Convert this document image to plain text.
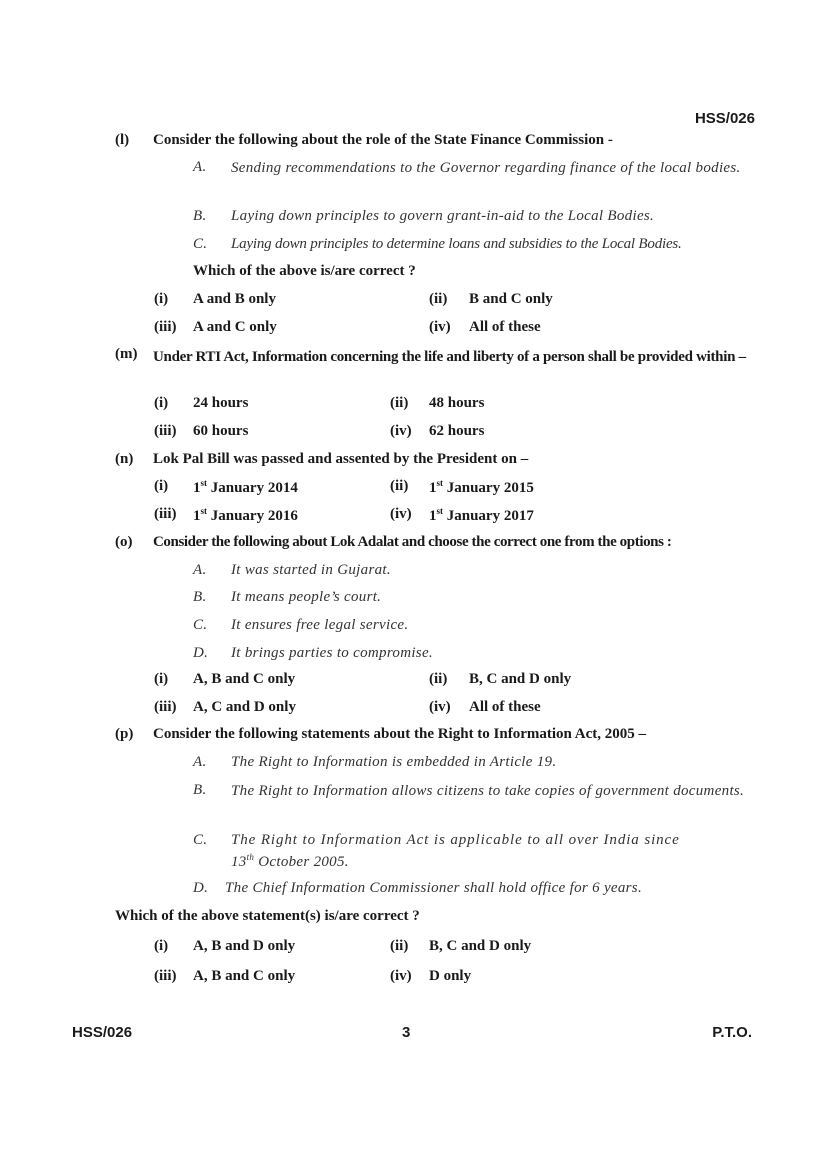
HSS/026
(l) Consider the following about the role of the State Finance Commission -
A. Sending recommendations to the Governor regarding finance of the local bodies.
B. Laying down principles to govern grant-in-aid to the Local Bodies.
C. Laying down principles to determine loans and subsidies to the Local Bodies.
Which of the above is/are correct ?
(i) A and B only	(ii) B and C only
(iii) A and C only	(iv) All of these
(m) Under RTI Act, Information concerning the life and liberty of a person shall be provided within –
(i) 24 hours	(ii) 48 hours
(iii) 60 hours	(iv) 62 hours
(n) Lok Pal Bill was passed and assented by the President on –
(i) 1st January 2014	(ii) 1st January 2015
(iii) 1st January 2016	(iv) 1st January 2017
(o) Consider the following about Lok Adalat and choose the correct one from the options :
A. It was started in Gujarat.
B. It means people’s court.
C. It ensures free legal service.
D. It brings parties to compromise.
(i) A, B and C only	(ii) B, C and D only
(iii) A, C and D only	(iv) All of these
(p) Consider the following statements about the Right to Information Act, 2005 –
A. The Right to Information is embedded in Article 19.
B. The Right to Information allows citizens to take copies of government documents.
C. The Right to Information Act is applicable to all over India since
13th October 2005.
D. The Chief Information Commissioner shall hold office for 6 years.
Which of the above statement(s) is/are correct ?
(i) A, B and D only	(ii) B, C and D only
(iii) A, B and C only	(iv) D only
HSS/026	3	P.T.O.
